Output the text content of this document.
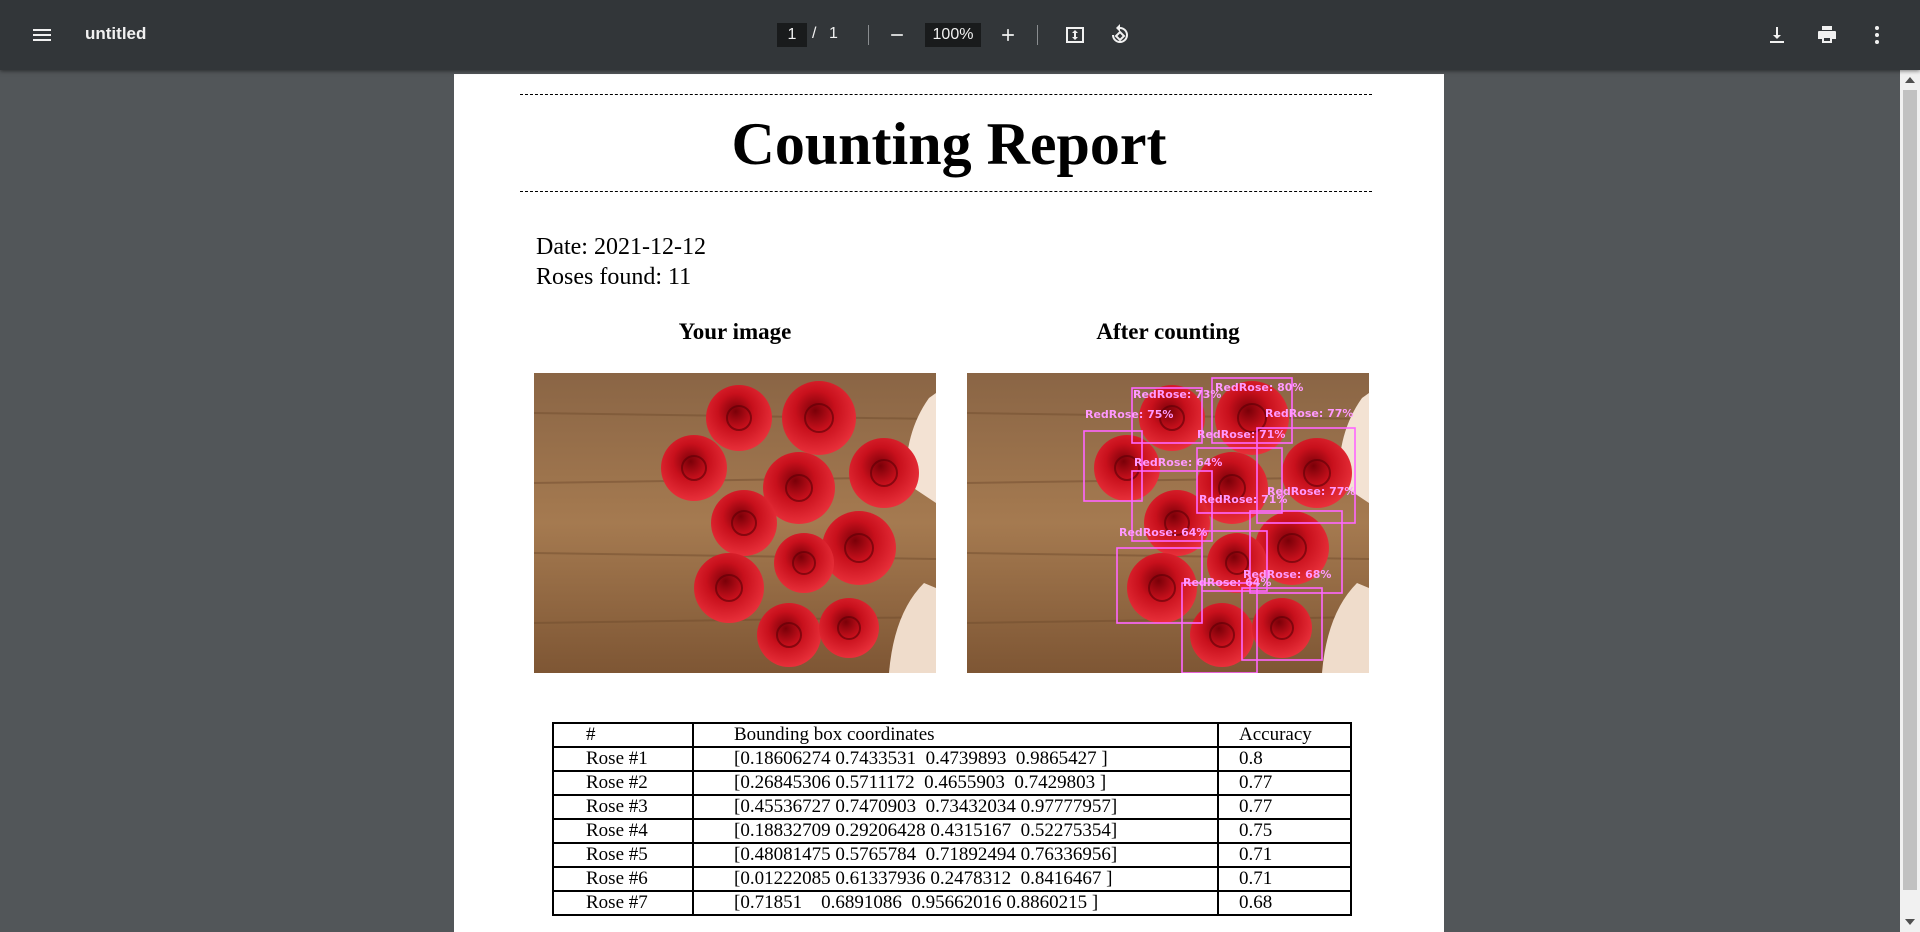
untitled
1	/ 1
100%
Counting Report
Date: 2021-12-12
Roses found: 11
Your image	After counting
RedRose: 73%
RedRose: 75%
RedRose: 80%
RedRose: 71%
RedRose: 77%
RedRose: 64%
RedRose: 71%
RedRose: 77%
RedRose: 64%
RedRose: 68%
RedRose: 64%
#	Bounding box coordinates	Accuracy
Rose #1	[0.18606274 0.7433531  0.4739893  0.9865427 ]	0.8
Rose #2	[0.26845306 0.5711172  0.4655903  0.7429803 ]	0.77
Rose #3	[0.45536727 0.7470903  0.73432034 0.97777957]	0.77
Rose #4	[0.18832709 0.29206428 0.4315167  0.52275354]	0.75
Rose #5	[0.48081475 0.5765784  0.71892494 0.76336956]	0.71
Rose #6	[0.01222085 0.61337936 0.2478312  0.8416467 ]	0.71
Rose #7	[0.71851    0.6891086  0.95662016 0.8860215 ]	0.68
